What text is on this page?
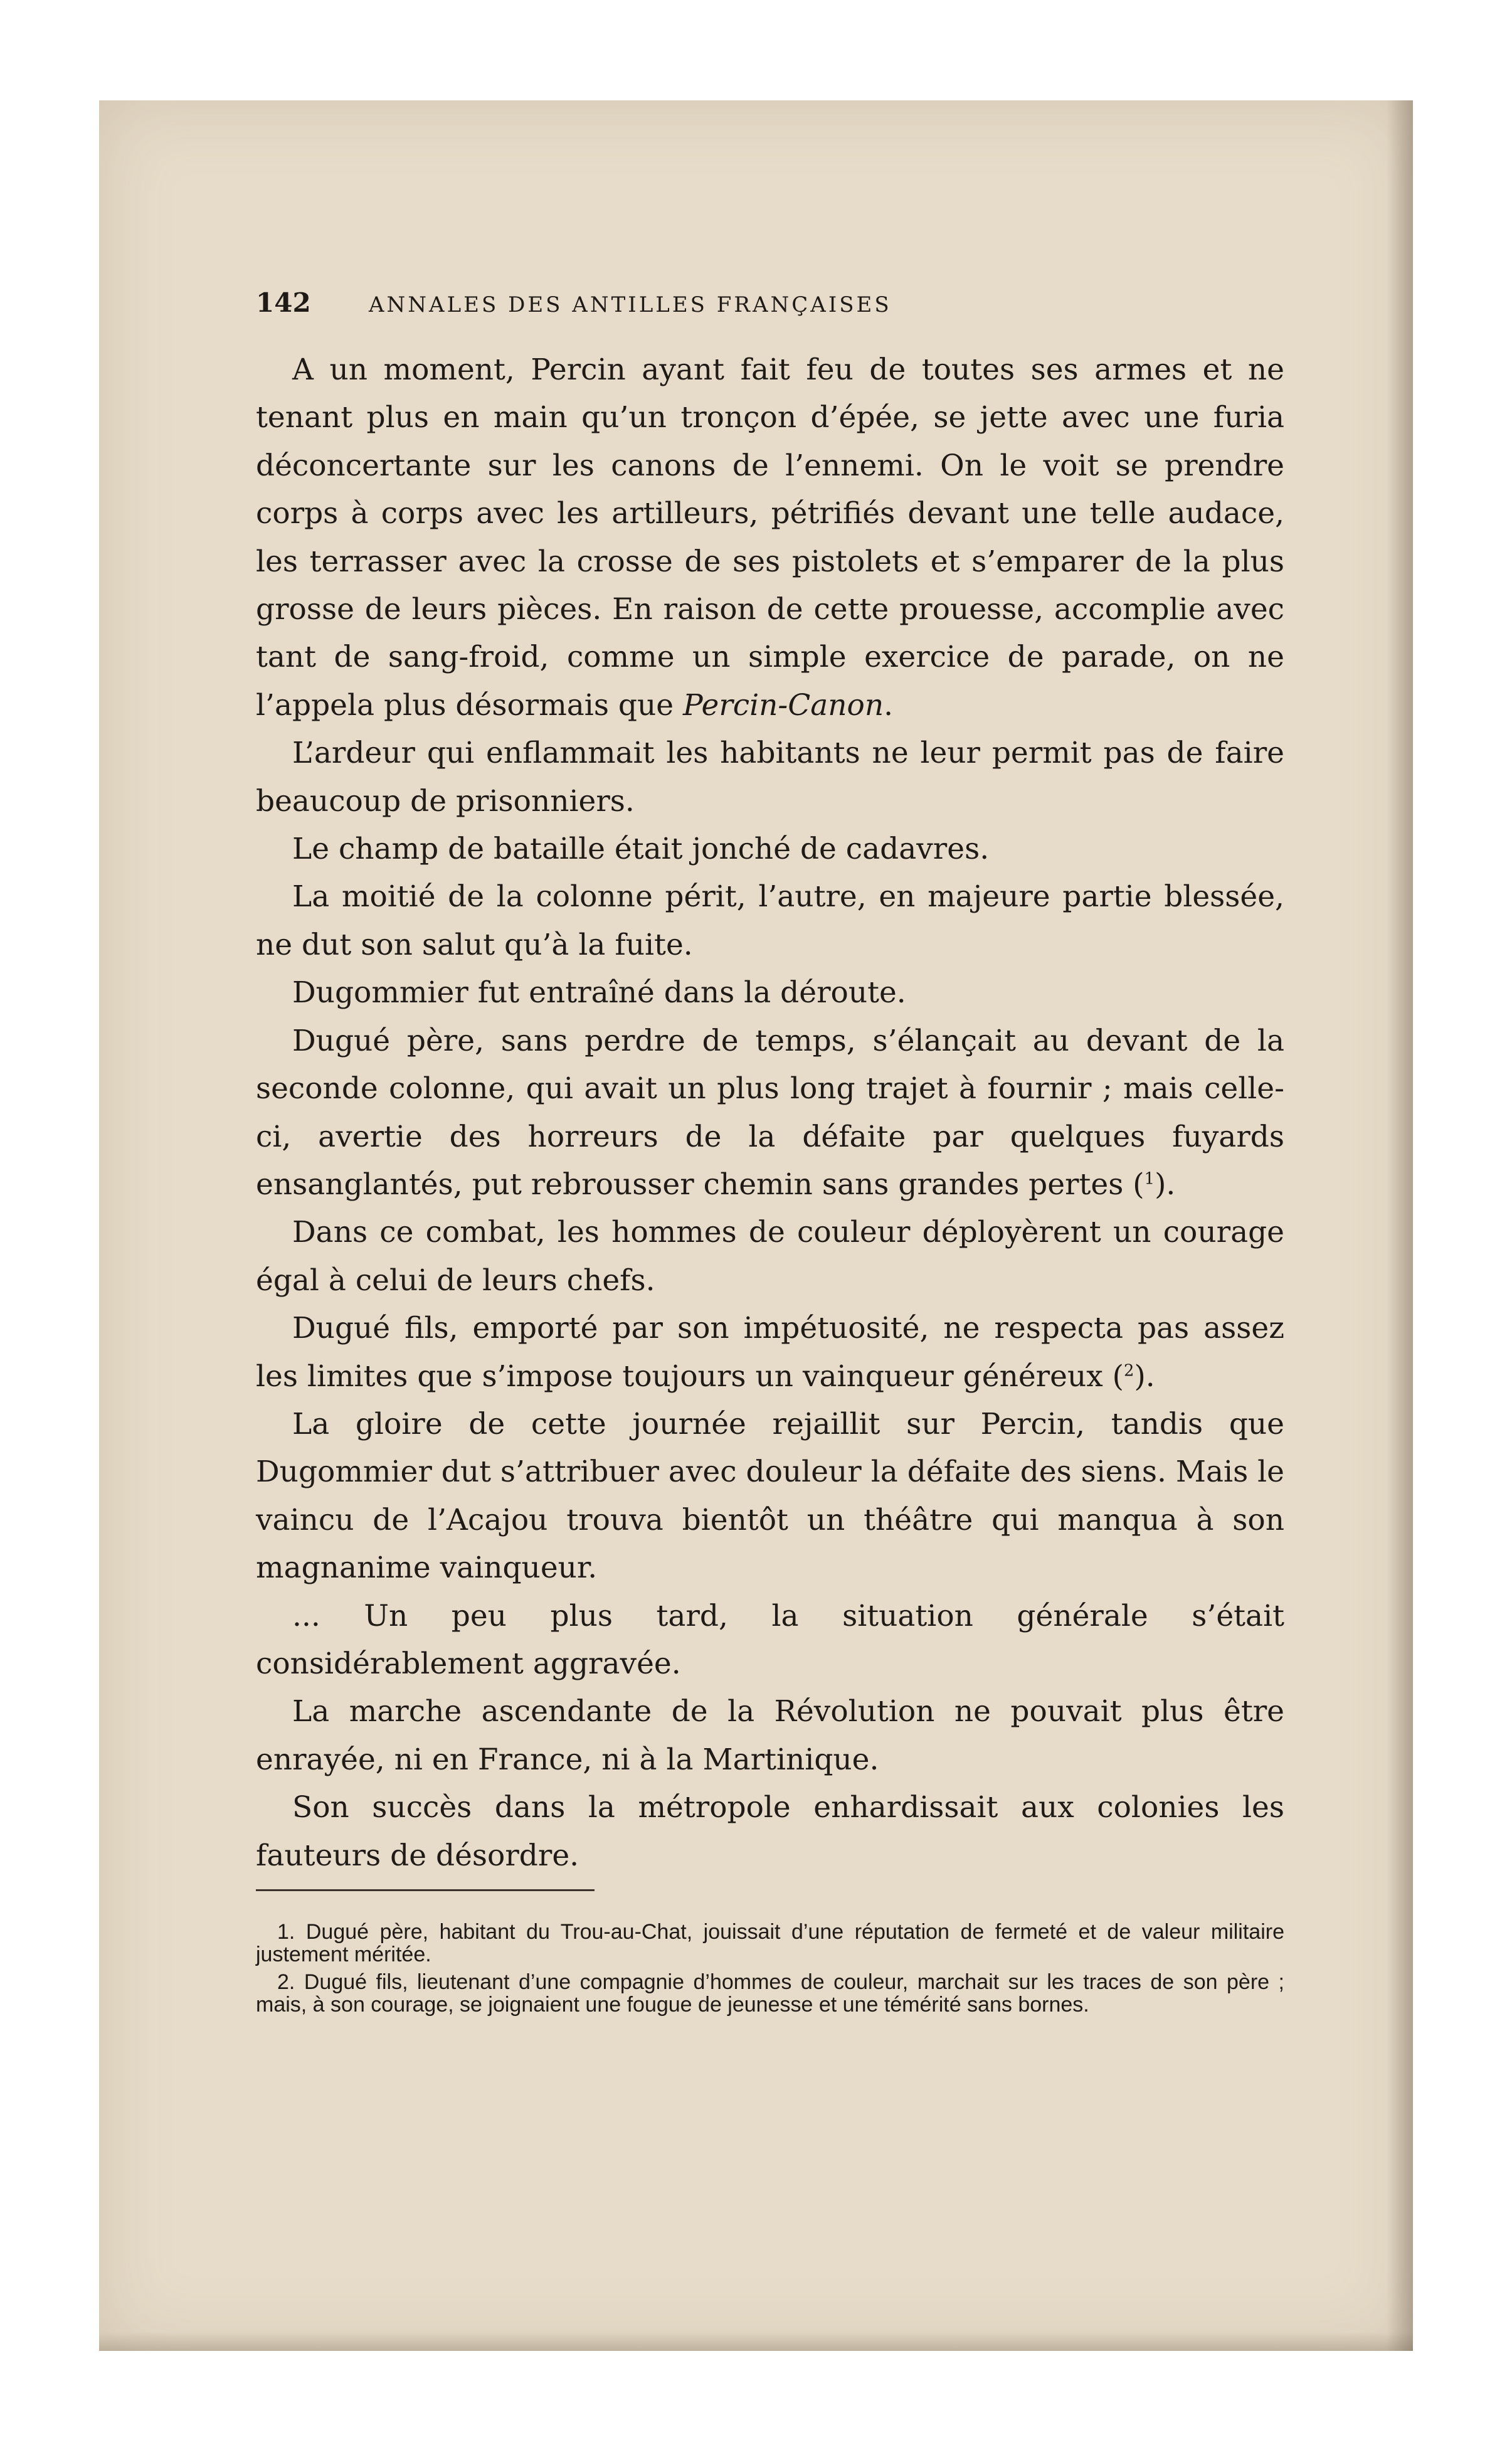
142	ANNALES DES ANTILLES FRANÇAISES

A un moment, Percin ayant fait feu de toutes ses armes et ne tenant plus en main qu’un tronçon d’épée, se jette avec une furia déconcertante sur les canons de l’ennemi. On le voit se prendre corps à corps avec les artilleurs, pétrifiés devant une telle audace, les terrasser avec la crosse de ses pistolets et s’emparer de la plus grosse de leurs pièces. En raison de cette prouesse, accomplie avec tant de sang-froid, comme un simple exercice de parade, on ne l’appela plus désormais que Percin-Canon.

L’ardeur qui enflammait les habitants ne leur permit pas de faire beaucoup de prisonniers.

Le champ de bataille était jonché de cadavres.

La moitié de la colonne périt, l’autre, en majeure partie blessée, ne dut son salut qu’à la fuite.

Dugommier fut entraîné dans la déroute.

Dugué père, sans perdre de temps, s’élançait au devant de la seconde colonne, qui avait un plus long trajet à fournir ; mais celle-ci, avertie des horreurs de la défaite par quelques fuyards ensanglantés, put rebrousser chemin sans grandes pertes ($^1$).

Dans ce combat, les hommes de couleur déployèrent un courage égal à celui de leurs chefs.

Dugué fils, emporté par son impétuosité, ne respecta pas assez les limites que s’impose toujours un vainqueur généreux ($^2$).

La gloire de cette journée rejaillit sur Percin, tandis que Dugommier dut s’attribuer avec douleur la défaite des siens. Mais le vaincu de l’Acajou trouva bientôt un théâtre qui manqua à son magnanime vainqueur.

... Un peu plus tard, la situation générale s’était considérablement aggravée.

La marche ascendante de la Révolution ne pouvait plus être enrayée, ni en France, ni à la Martinique.

Son succès dans la métropole enhardissait aux colonies les fauteurs de désordre.

1. Dugué père, habitant du Trou-au-Chat, jouissait d’une réputation de fermeté et de valeur militaire justement méritée.

2. Dugué fils, lieutenant d’une compagnie d’hommes de couleur, marchait sur les traces de son père ; mais, à son courage, se joignaient une fougue de jeunesse et une témérité sans bornes.
